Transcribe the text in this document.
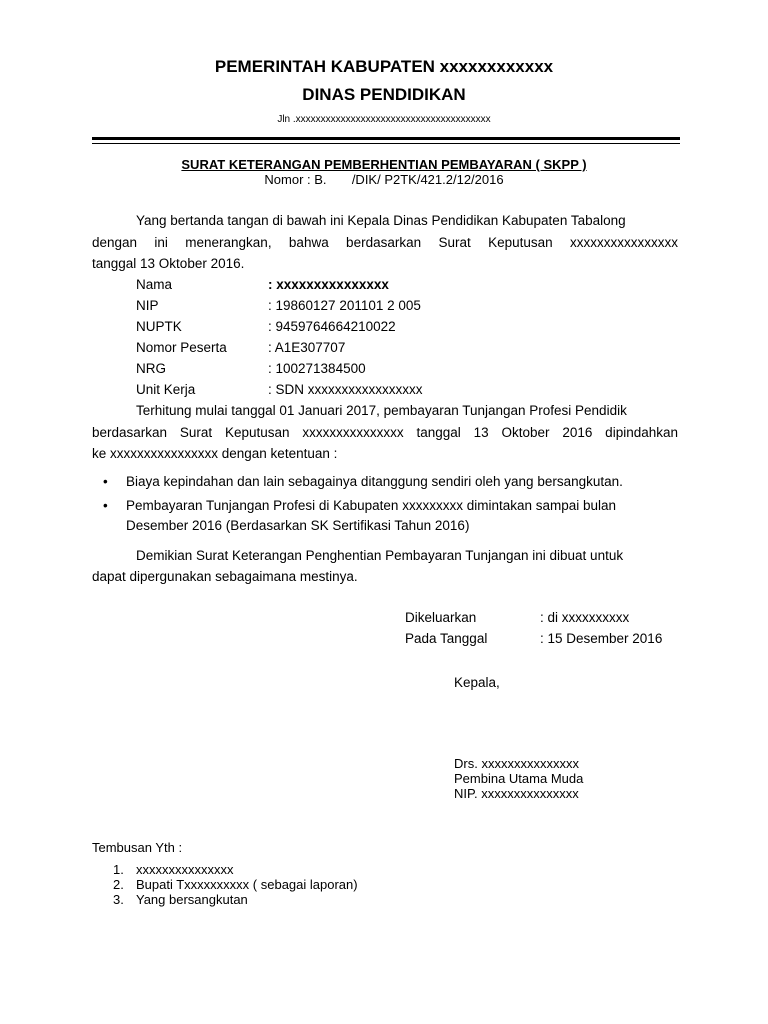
PEMERINTAH KABUPATEN xxxxxxxxxxxx
DINAS PENDIDIKAN
Jln .xxxxxxxxxxxxxxxxxxxxxxxxxxxxxxxxxxxxxxx
SURAT KETERANGAN PEMBERHENTIAN PEMBAYARAN ( SKPP )
Nomor : B.       /DIK/ P2TK/421.2/12/2016
Yang bertanda tangan di bawah ini Kepala Dinas Pendidikan Kabupaten Tabalong
dengan ini menerangkan, bahwa berdasarkan Surat Keputusan xxxxxxxxxxxxxxxx
tanggal 13 Oktober 2016.
Nama	: xxxxxxxxxxxxxxx
NIP	: 19860127 201101 2 005
NUPTK	: 9459764664210022
Nomor Peserta	: A1E307707
NRG	: 100271384500
Unit Kerja	: SDN xxxxxxxxxxxxxxxxx
Terhitung mulai tanggal 01 Januari 2017, pembayaran Tunjangan Profesi Pendidik
berdasarkan Surat Keputusan xxxxxxxxxxxxxxx tanggal 13 Oktober 2016 dipindahkan
ke xxxxxxxxxxxxxxxx dengan ketentuan :
• Biaya kepindahan dan lain sebagainya ditanggung sendiri oleh yang bersangkutan.
• Pembayaran Tunjangan Profesi di Kabupaten xxxxxxxxx dimintakan sampai bulan
Desember 2016 (Berdasarkan SK Sertifikasi Tahun 2016)
Demikian Surat Keterangan Penghentian Pembayaran Tunjangan ini dibuat untuk
dapat dipergunakan sebagaimana mestinya.
Dikeluarkan	: di xxxxxxxxxx
Pada Tanggal	: 15 Desember 2016
Kepala,
Drs. xxxxxxxxxxxxxxx
Pembina Utama Muda
NIP. xxxxxxxxxxxxxxx
Tembusan Yth :
1. xxxxxxxxxxxxxxx
2. Bupati Txxxxxxxxxx ( sebagai laporan)
3. Yang bersangkutan
